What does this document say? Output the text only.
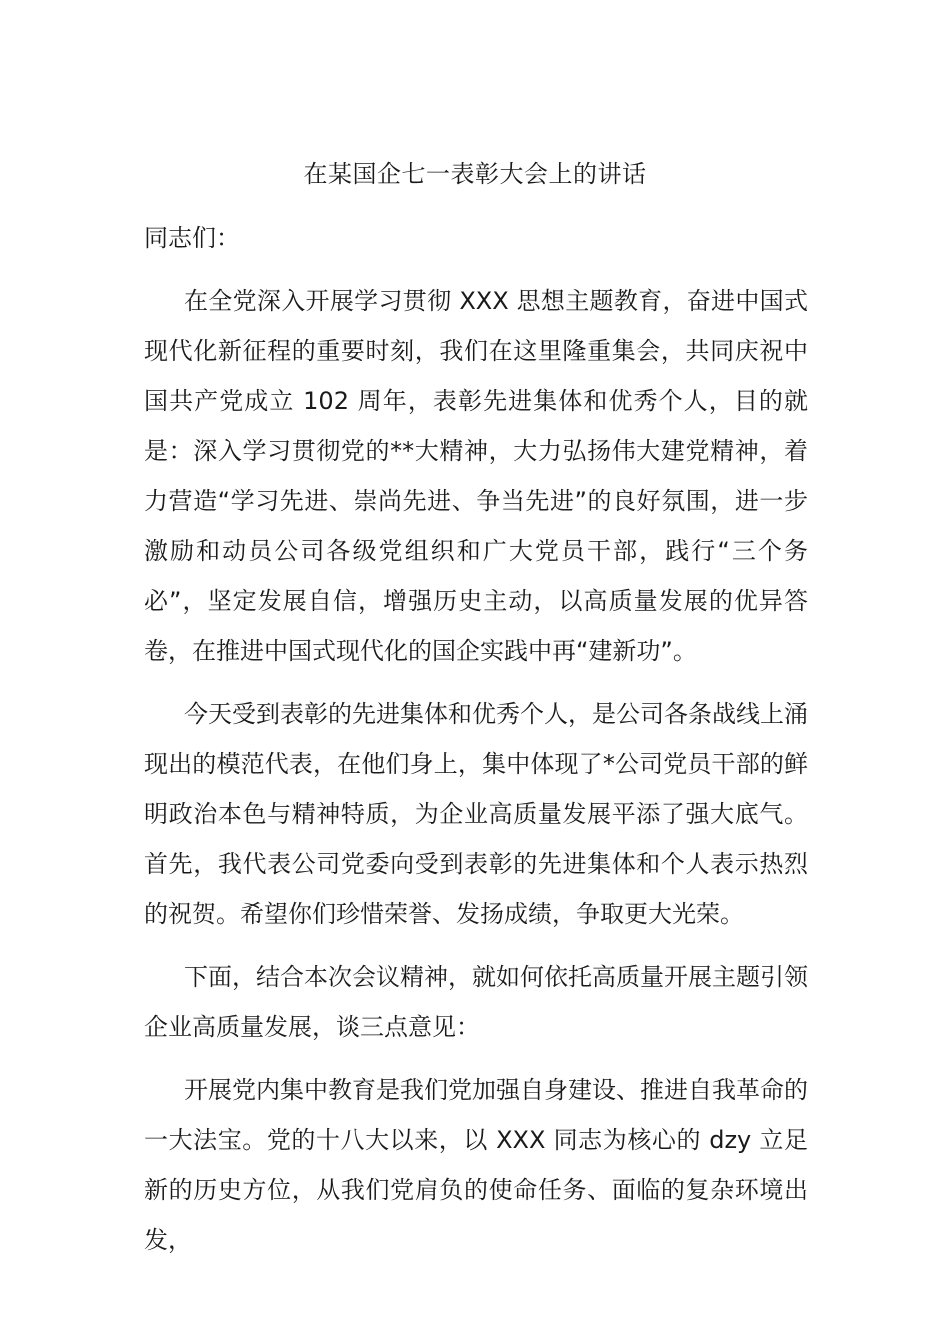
在某国企七一表彰大会上的讲话
同志们：

在全党深入开展学习贯彻 XXX 思想主题教育，奋进中国式现代化新征程的重要时刻，我们在这里隆重集会，共同庆祝中国共产党成立 102 周年，表彰先进集体和优秀个人，目的就是：深入学习贯彻党的**大精神，大力弘扬伟大建党精神，着力营造“学习先进、崇尚先进、争当先进”的良好氛围，进一步激励和动员公司各级党组织和广大党员干部，践行“三个务必”，坚定发展自信，增强历史主动，以高质量发展的优异答卷，在推进中国式现代化的国企实践中再“建新功”。

今天受到表彰的先进集体和优秀个人，是公司各条战线上涌现出的模范代表，在他们身上，集中体现了*公司党员干部的鲜明政治本色与精神特质，为企业高质量发展平添了强大底气。首先，我代表公司党委向受到表彰的先进集体和个人表示热烈的祝贺。希望你们珍惜荣誉、发扬成绩，争取更大光荣。

下面，结合本次会议精神，就如何依托高质量开展主题引领企业高质量发展，谈三点意见：

开展党内集中教育是我们党加强自身建设、推进自我革命的一大法宝。党的十八大以来，以 XXX 同志为核心的 dzy 立足新的历史方位，从我们党肩负的使命任务、面临的复杂环境出发，
